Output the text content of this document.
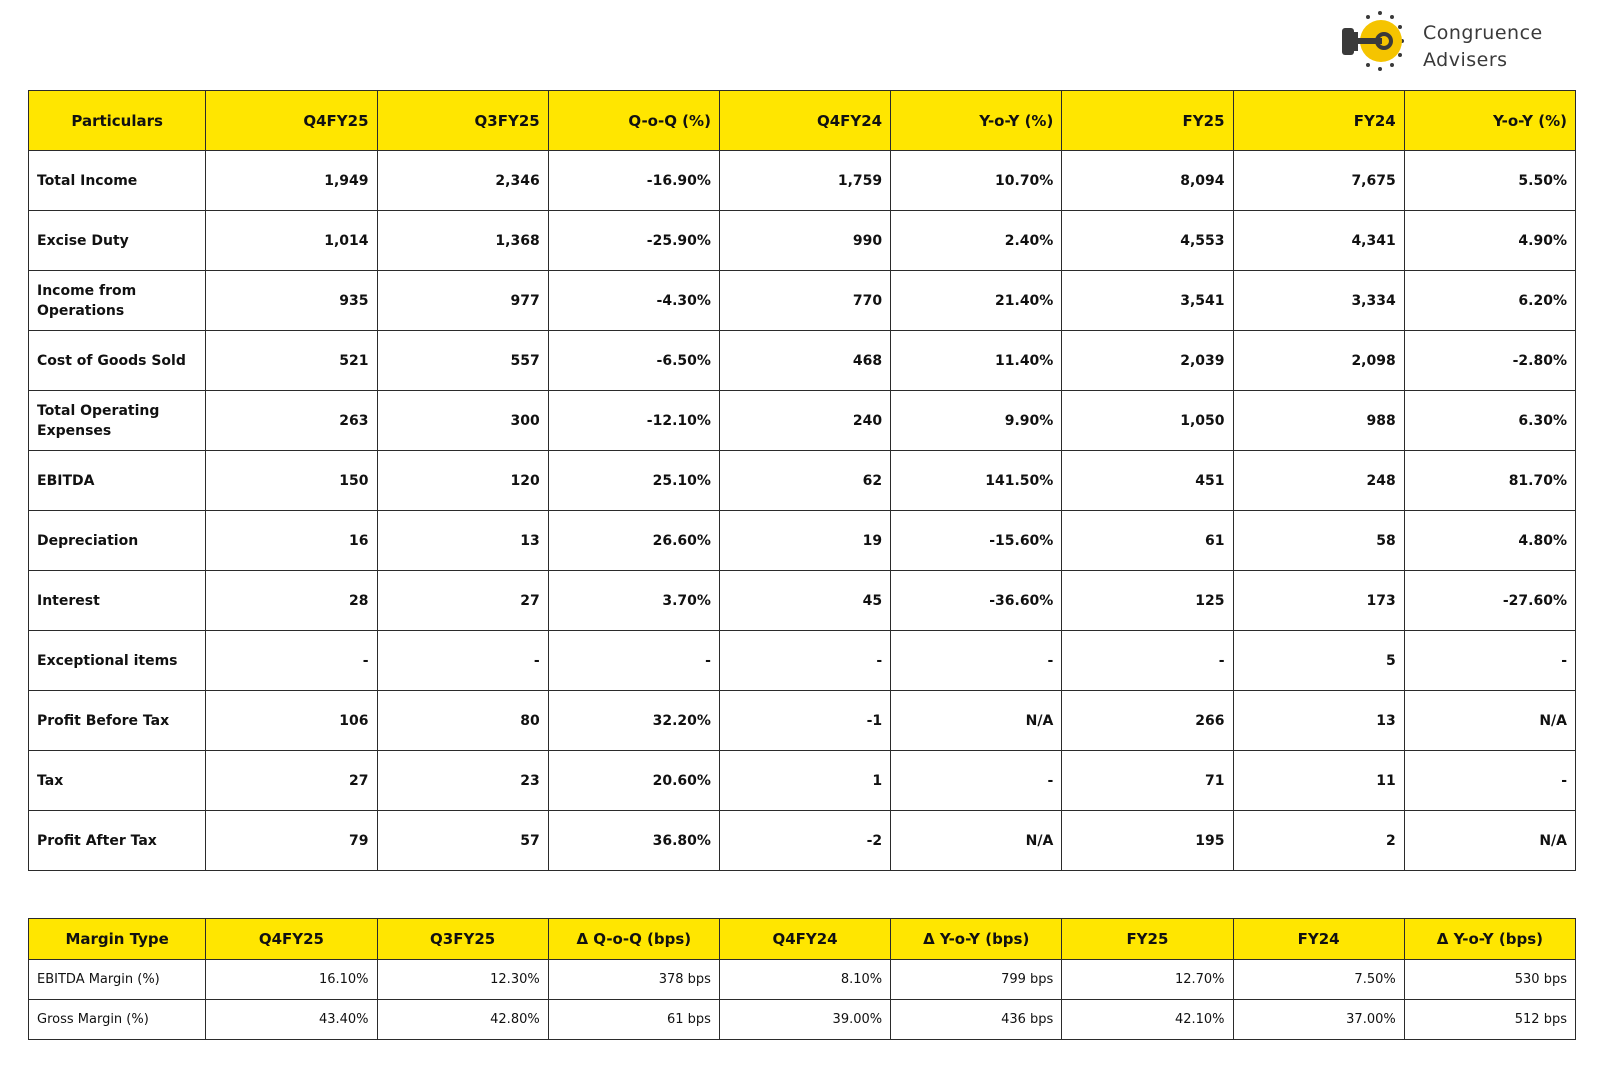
Congruence
Advisers
Particulars	Q4FY25	Q3FY25	Q-o-Q (%)	Q4FY24	Y-o-Y (%)	FY25	FY24	Y-o-Y (%)
Total Income	1,949	2,346	-16.90%	1,759	10.70%	8,094	7,675	5.50%
Excise Duty	1,014	1,368	-25.90%	990	2.40%	4,553	4,341	4.90%
Income from Operations	935	977	-4.30%	770	21.40%	3,541	3,334	6.20%
Cost of Goods Sold	521	557	-6.50%	468	11.40%	2,039	2,098	-2.80%
Total Operating Expenses	263	300	-12.10%	240	9.90%	1,050	988	6.30%
EBITDA	150	120	25.10%	62	141.50%	451	248	81.70%
Depreciation	16	13	26.60%	19	-15.60%	61	58	4.80%
Interest	28	27	3.70%	45	-36.60%	125	173	-27.60%
Exceptional items	-	-	-	-	-	-	5	-
Profit Before Tax	106	80	32.20%	-1	N/A	266	13	N/A
Tax	27	23	20.60%	1	-	71	11	-
Profit After Tax	79	57	36.80%	-2	N/A	195	2	N/A
Margin Type	Q4FY25	Q3FY25	Δ Q-o-Q (bps)	Q4FY24	Δ Y-o-Y (bps)	FY25	FY24	Δ Y-o-Y (bps)
EBITDA Margin (%)	16.10%	12.30%	378 bps	8.10%	799 bps	12.70%	7.50%	530 bps
Gross Margin (%)	43.40%	42.80%	61 bps	39.00%	436 bps	42.10%	37.00%	512 bps
